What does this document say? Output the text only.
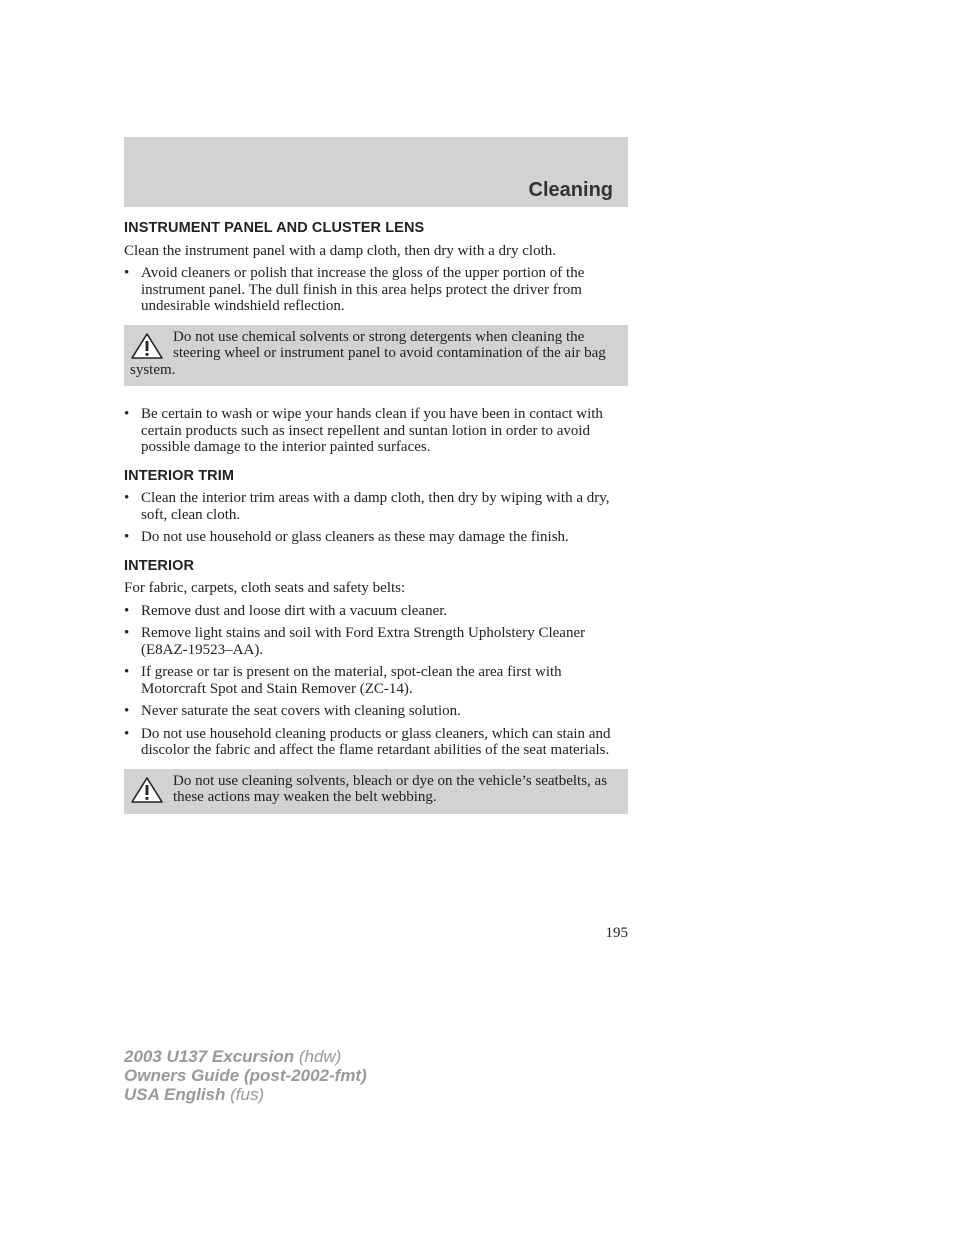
Cleaning
INSTRUMENT PANEL AND CLUSTER LENS

Clean the instrument panel with a damp cloth, then dry with a dry cloth.

• Avoid cleaners or polish that increase the gloss of the upper portion of the instrument panel. The dull finish in this area helps protect the driver from undesirable windshield reflection.
Do not use chemical solvents or strong detergents when cleaning the steering wheel or instrument panel to avoid contamination of the air bag system.
• Be certain to wash or wipe your hands clean if you have been in contact with certain products such as insect repellent and suntan lotion in order to avoid possible damage to the interior painted surfaces.
INTERIOR TRIM
• Clean the interior trim areas with a damp cloth, then dry by wiping with a dry, soft, clean cloth.
• Do not use household or glass cleaners as these may damage the finish.
INTERIOR

For fabric, carpets, cloth seats and safety belts:

• Remove dust and loose dirt with a vacuum cleaner.
• Remove light stains and soil with Ford Extra Strength Upholstery Cleaner (E8AZ-19523–AA).
• If grease or tar is present on the material, spot-clean the area first with Motorcraft Spot and Stain Remover (ZC-14).
• Never saturate the seat covers with cleaning solution.
• Do not use household cleaning products or glass cleaners, which can stain and discolor the fabric and affect the flame retardant abilities of the seat materials.
Do not use cleaning solvents, bleach or dye on the vehicle’s seatbelts, as these actions may weaken the belt webbing.
195
2003 U137 Excursion (hdw)
Owners Guide (post-2002-fmt)
USA English (fus)
